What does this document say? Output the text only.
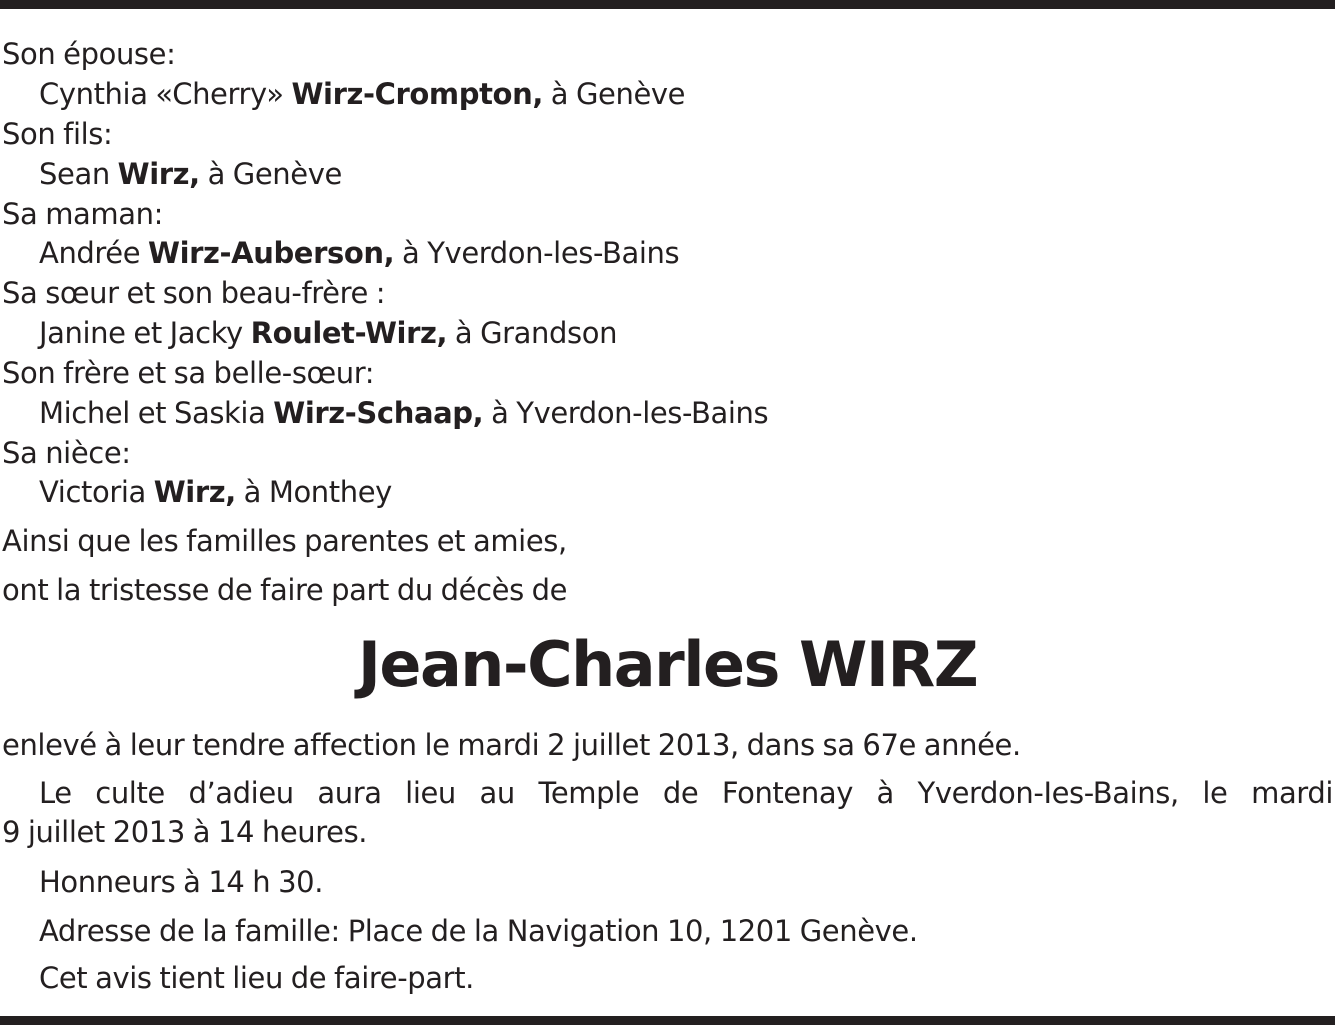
Son épouse:
Cynthia «Cherry» Wirz-Crompton, à Genève
Son fils:
Sean Wirz, à Genève
Sa maman:
Andrée Wirz-Auberson, à Yverdon-les-Bains
Sa sœur et son beau-frère :
Janine et Jacky Roulet-Wirz, à Grandson
Son frère et sa belle-sœur:
Michel et Saskia Wirz-Schaap, à Yverdon-les-Bains
Sa nièce:
Victoria Wirz, à Monthey
Ainsi que les familles parentes et amies,
ont la tristesse de faire part du décès de
enlevé à leur tendre affection le mardi 2 juillet 2013, dans sa 67e année.
Le culte d’adieu aura lieu au Temple de Fontenay à Yverdon-Ies-Bains, le mardi
9 juillet 2013 à 14 heures.
Honneurs à 14 h 30.
Adresse de la famille: Place de la Navigation 10, 1201 Genève.
Cet avis tient lieu de faire-part.
Jean-Charles WIRZ
